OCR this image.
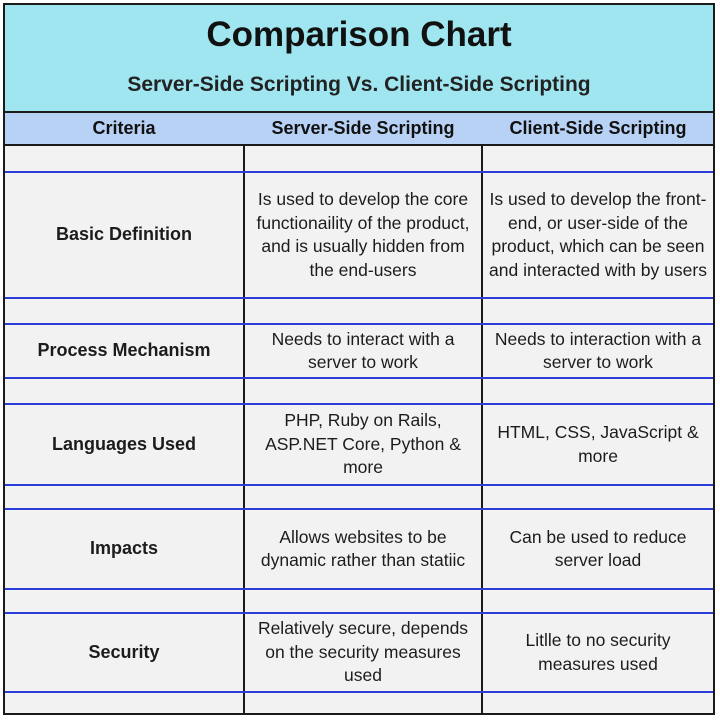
Comparison Chart
Server-Side Scripting Vs. Client-Side Scripting
Criteria	Server-Side Scripting	Client-Side Scripting
Basic Definition
Is used to develop the core functionaility of the product, and is usually hidden from the end-users
Is used to develop the front-end, or user-side of the product, which can be seen and interacted with by users
Process Mechanism
Needs to interact with a server to work
Needs to interaction with a server to work
Languages Used
PHP, Ruby on Rails, ASP.NET Core, Python & more
HTML, CSS, JavaScript & more
Impacts
Allows websites to be dynamic rather than statiic
Can be used to reduce server load
Security
Relatively secure, depends on the security measures used
Litlle to no security measures used
